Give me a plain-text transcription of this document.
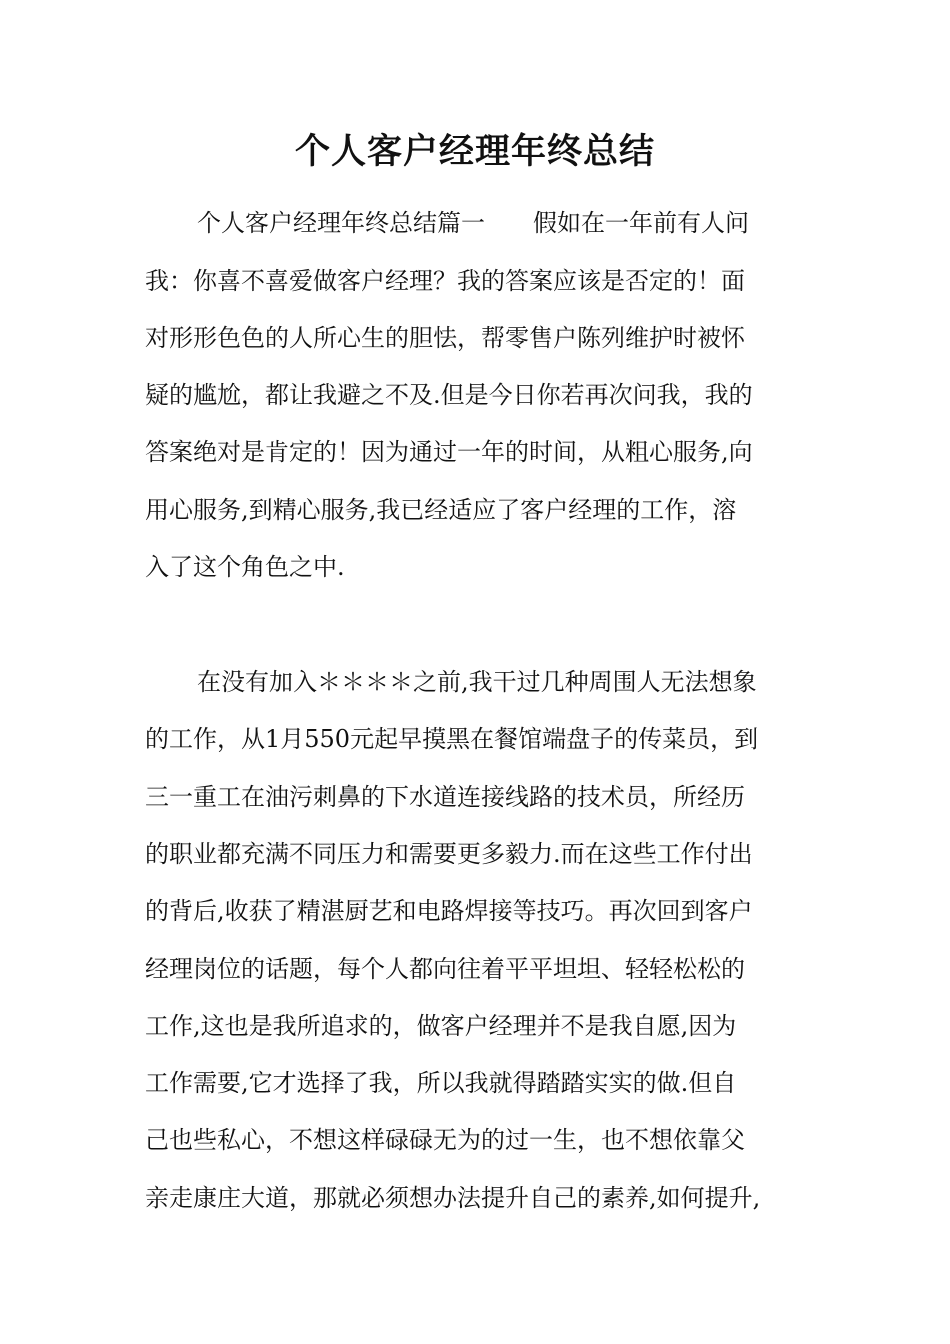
个人客户经理年终总结

个人客户经理年终总结篇一　　假如在一年前有人问

我：你喜不喜爱做客户经理？我的答案应该是否定的！面

对形形色色的人所心生的胆怯，帮零售户陈列维护时被怀

疑的尴尬，都让我避之不及.但是今日你若再次问我，我的

答案绝对是肯定的！因为通过一年的时间，从粗心服务,向

用心服务,到精心服务,我已经适应了客户经理的工作，溶

入了这个角色之中.

在没有加入＊＊＊＊之前,我干过几种周围人无法想象

的工作，从1月550元起早摸黑在餐馆端盘子的传菜员，到

三一重工在油污刺鼻的下水道连接线路的技术员，所经历

的职业都充满不同压力和需要更多毅力.而在这些工作付出

的背后,收获了精湛厨艺和电路焊接等技巧。再次回到客户

经理岗位的话题，每个人都向往着平平坦坦、轻轻松松的

工作,这也是我所追求的，做客户经理并不是我自愿,因为

工作需要,它才选择了我，所以我就得踏踏实实的做.但自

己也些私心，不想这样碌碌无为的过一生，也不想依靠父

亲走康庄大道，那就必须想办法提升自己的素养,如何提升,
